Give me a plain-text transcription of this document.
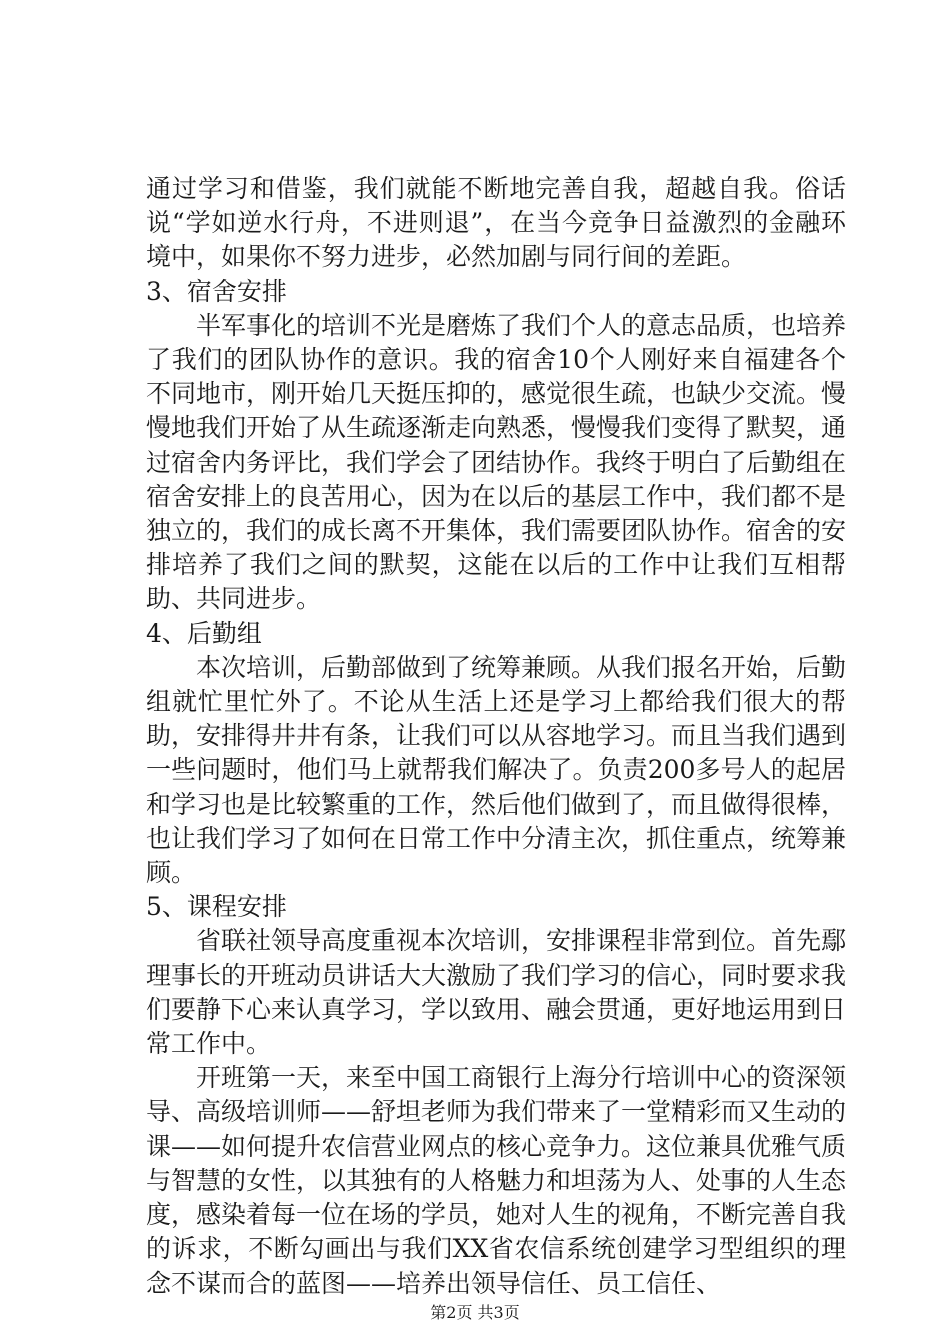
通过学习和借鉴，我们就能不断地完善自我，超越自我。俗话说“学如逆水行舟，不进则退”，在当今竞争日益激烈的金融环境中，如果你不努力进步，必然加剧与同行间的差距。

3、宿舍安排

半军事化的培训不光是磨炼了我们个人的意志品质，也培养了我们的团队协作的意识。我的宿舍10个人刚好来自福建各个不同地市，刚开始几天挺压抑的，感觉很生疏，也缺少交流。慢慢地我们开始了从生疏逐渐走向熟悉，慢慢我们变得了默契，通过宿舍内务评比，我们学会了团结协作。我终于明白了后勤组在宿舍安排上的良苦用心，因为在以后的基层工作中，我们都不是独立的，我们的成长离不开集体，我们需要团队协作。宿舍的安排培养了我们之间的默契，这能在以后的工作中让我们互相帮助、共同进步。

4、后勤组

本次培训，后勤部做到了统筹兼顾。从我们报名开始，后勤组就忙里忙外了。不论从生活上还是学习上都给我们很大的帮助，安排得井井有条，让我们可以从容地学习。而且当我们遇到一些问题时，他们马上就帮我们解决了。负责200多号人的起居和学习也是比较繁重的工作，然后他们做到了，而且做得很棒，也让我们学习了如何在日常工作中分清主次，抓住重点，统筹兼顾。

5、课程安排

省联社领导高度重视本次培训，安排课程非常到位。首先鄢理事长的开班动员讲话大大激励了我们学习的信心，同时要求我们要静下心来认真学习，学以致用、融会贯通，更好地运用到日常工作中。

开班第一天，来至中国工商银行上海分行培训中心的资深领导、高级培训师——舒坦老师为我们带来了一堂精彩而又生动的课——如何提升农信营业网点的核心竞争力。这位兼具优雅气质与智慧的女性，以其独有的人格魅力和坦荡为人、处事的人生态度，感染着每一位在场的学员，她对人生的视角，不断完善自我的诉求，不断勾画出与我们XX省农信系统创建学习型组织的理念不谋而合的蓝图——培养出领导信任、员工信任、

第2页 共3页
